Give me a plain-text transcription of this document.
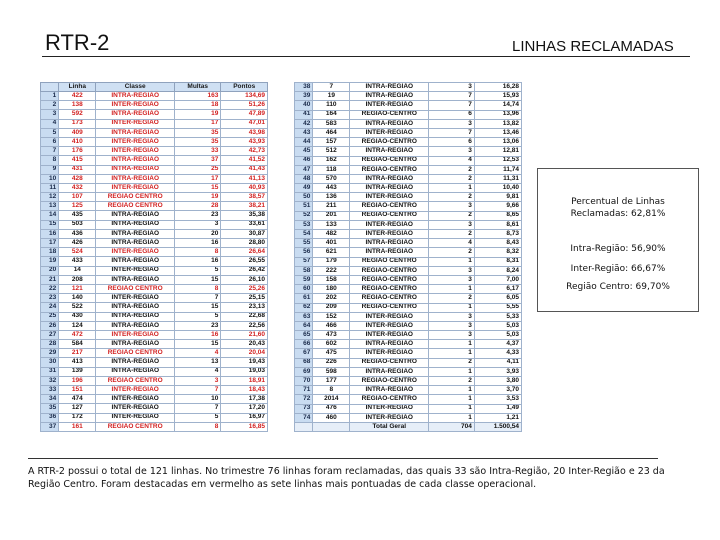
RTR-2	LINHAS RECLAMADAS
	Linha	Classe	Multas	Pontos
1	422	INTRA-REGIÃO	163	134,69
2	138	INTER-REGIÃO	18	51,26
3	592	INTRA-REGIÃO	19	47,89
4	173	INTER-REGIÃO	17	47,01
5	409	INTRA-REGIÃO	35	43,98
6	410	INTER-REGIÃO	35	43,93
7	176	INTER-REGIÃO	33	42,73
8	415	INTRA-REGIÃO	37	41,52
9	431	INTRA-REGIÃO	25	41,43
10	428	INTRA-REGIÃO	17	41,13
11	432	INTER-REGIÃO	15	40,93
12	107	REGIÃO CENTRO	19	38,57
13	125	REGIÃO CENTRO	28	38,21
14	435	INTRA-REGIÃO	23	35,38
15	503	INTRA-REGIÃO	3	33,61
16	436	INTRA-REGIÃO	20	30,87
17	426	INTRA-REGIÃO	16	28,80
18	524	INTER-REGIÃO	8	26,64
19	433	INTRA-REGIÃO	16	26,55
20	14	INTER-REGIÃO	5	26,42
21	208	INTRA-REGIÃO	15	26,10
22	121	REGIÃO CENTRO	8	25,26
23	140	INTER-REGIÃO	7	25,15
24	522	INTRA-REGIÃO	15	23,13
25	430	INTRA-REGIÃO	5	22,68
26	124	INTRA-REGIÃO	23	22,56
27	472	INTER-REGIÃO	16	21,60
28	584	INTRA-REGIÃO	15	20,43
29	217	REGIÃO CENTRO	4	20,04
30	413	INTRA-REGIÃO	13	19,43
31	139	INTRA-REGIÃO	4	19,03
32	196	REGIÃO CENTRO	3	18,91
33	151	INTER-REGIÃO	7	18,43
34	474	INTER-REGIÃO	10	17,38
35	127	INTER-REGIÃO	7	17,20
36	172	INTER-REGIÃO	5	16,97
37	161	REGIÃO CENTRO	8	16,85
38	7	INTRA-REGIÃO	3	16,28
39	19	INTRA-REGIÃO	7	15,93
40	110	INTER-REGIÃO	7	14,74
41	164	REGIÃO-CENTRO	6	13,96
42	583	INTRA-REGIÃO	3	13,82
43	464	INTER-REGIÃO	7	13,46
44	157	REGIÃO-CENTRO	6	13,06
45	512	INTRA-REGIÃO	3	12,81
46	162	REGIÃO-CENTRO	4	12,53
47	118	REGIÃO-CENTRO	2	11,74
48	570	INTRA-REGIÃO	2	11,31
49	443	INTRA-REGIÃO	1	10,40
50	136	INTER-REGIÃO	2	9,81
51	211	REGIÃO-CENTRO	3	9,66
52	201	REGIÃO-CENTRO	2	8,65
53	133	INTER-REGIÃO	3	8,61
54	482	INTER-REGIÃO	2	8,73
55	401	INTRA-REGIÃO	4	8,43
56	621	INTRA-REGIÃO	2	8,32
57	179	REGIÃO CENTRO	1	8,31
58	222	REGIÃO-CENTRO	3	8,24
59	158	REGIÃO-CENTRO	3	7,00
60	180	REGIÃO-CENTRO	1	6,17
61	202	REGIÃO-CENTRO	2	6,05
62	209	REGIÃO-CENTRO	1	5,55
63	152	INTER-REGIÃO	3	5,33
64	466	INTER-REGIÃO	3	5,03
65	473	INTER-REGIÃO	3	5,03
66	602	INTRA-REGIÃO	1	4,37
67	475	INTER-REGIÃO	1	4,33
68	226	REGIÃO-CENTRO	2	4,11
69	598	INTRA-REGIÃO	1	3,93
70	177	REGIÃO-CENTRO	2	3,80
71	8	INTRA-REGIÃO	1	3,70
72	2014	REGIÃO-CENTRO	1	3,53
73	476	INTER-REGIÃO	1	1,49
74	460	INTER-REGIÃO	1	1,21
		Total Geral	704	1.500,54
Percentual de Linhas Reclamadas: 62,81%
Intra-Região: 56,90%
Inter-Região: 66,67%
Região Centro: 69,70%
A RTR-2 possui o total de 121 linhas. No trimestre 76 linhas foram reclamadas, das quais 33 são Intra-Região, 20 Inter-Região e 23 da Região Centro. Foram destacadas em vermelho as sete linhas mais pontuadas de cada classe operacional.
